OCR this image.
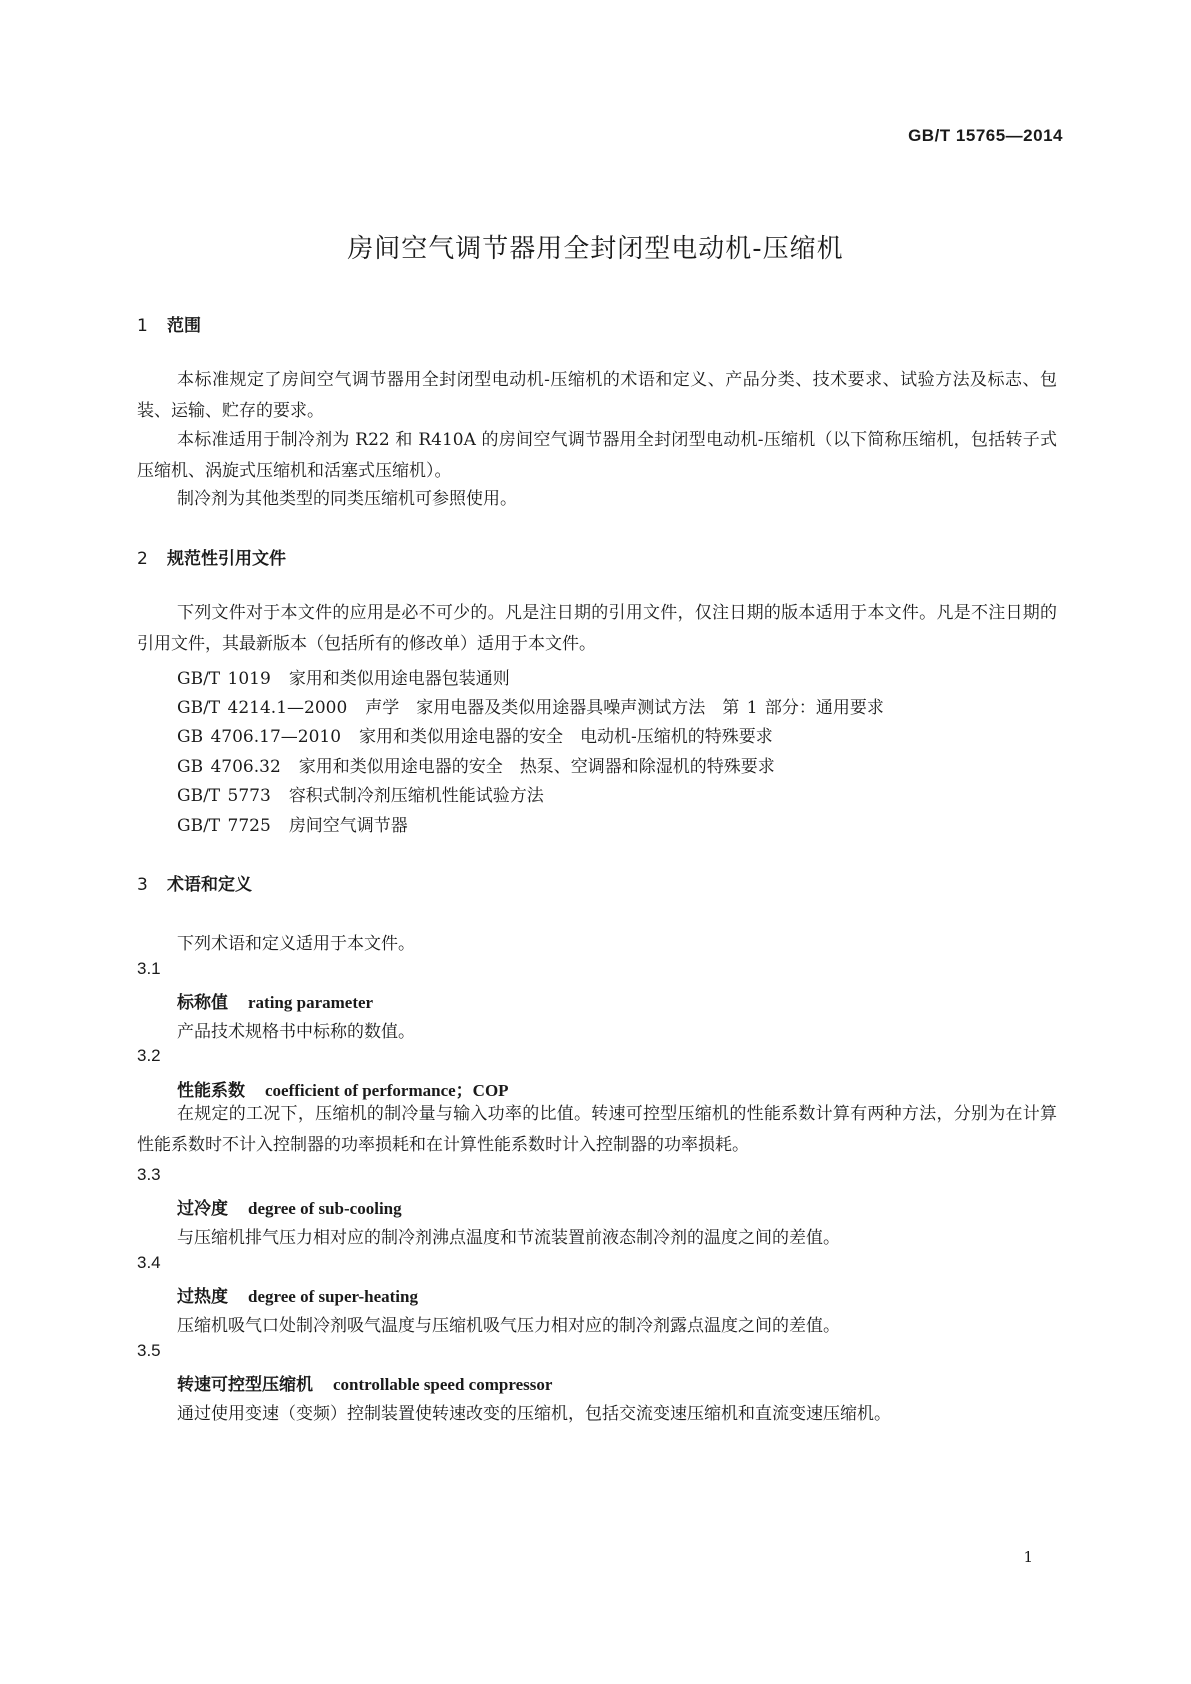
GB/T 15765—2014
房间空气调节器用全封闭型电动机-压缩机
1 范围
本标准规定了房间空气调节器用全封闭型电动机-压缩机的术语和定义、产品分类、技术要求、试验方法及标志、包装、运输、贮存的要求。
本标准适用于制冷剂为 R22 和 R410A 的房间空气调节器用全封闭型电动机-压缩机（以下简称压缩机，包括转子式压缩机、涡旋式压缩机和活塞式压缩机）。
制冷剂为其他类型的同类压缩机可参照使用。
2 规范性引用文件
下列文件对于本文件的应用是必不可少的。凡是注日期的引用文件，仅注日期的版本适用于本文件。凡是不注日期的引用文件，其最新版本（包括所有的修改单）适用于本文件。
GB/T 1019 家用和类似用途电器包装通则
GB/T 4214.1—2000 声学　家用电器及类似用途器具噪声测试方法　第 1 部分：通用要求
GB 4706.17—2010 家用和类似用途电器的安全　电动机-压缩机的特殊要求
GB 4706.32 家用和类似用途电器的安全　热泵、空调器和除湿机的特殊要求
GB/T 5773 容积式制冷剂压缩机性能试验方法
GB/T 7725 房间空气调节器
3 术语和定义
下列术语和定义适用于本文件。
3.1
标称值 rating parameter
产品技术规格书中标称的数值。
3.2
性能系数 coefficient of performance；COP
在规定的工况下，压缩机的制冷量与输入功率的比值。转速可控型压缩机的性能系数计算有两种方法，分别为在计算性能系数时不计入控制器的功率损耗和在计算性能系数时计入控制器的功率损耗。
3.3
过冷度 degree of sub-cooling
与压缩机排气压力相对应的制冷剂沸点温度和节流装置前液态制冷剂的温度之间的差值。
3.4
过热度 degree of super-heating
压缩机吸气口处制冷剂吸气温度与压缩机吸气压力相对应的制冷剂露点温度之间的差值。
3.5
转速可控型压缩机 controllable speed compressor
通过使用变速（变频）控制装置使转速改变的压缩机，包括交流变速压缩机和直流变速压缩机。
1
